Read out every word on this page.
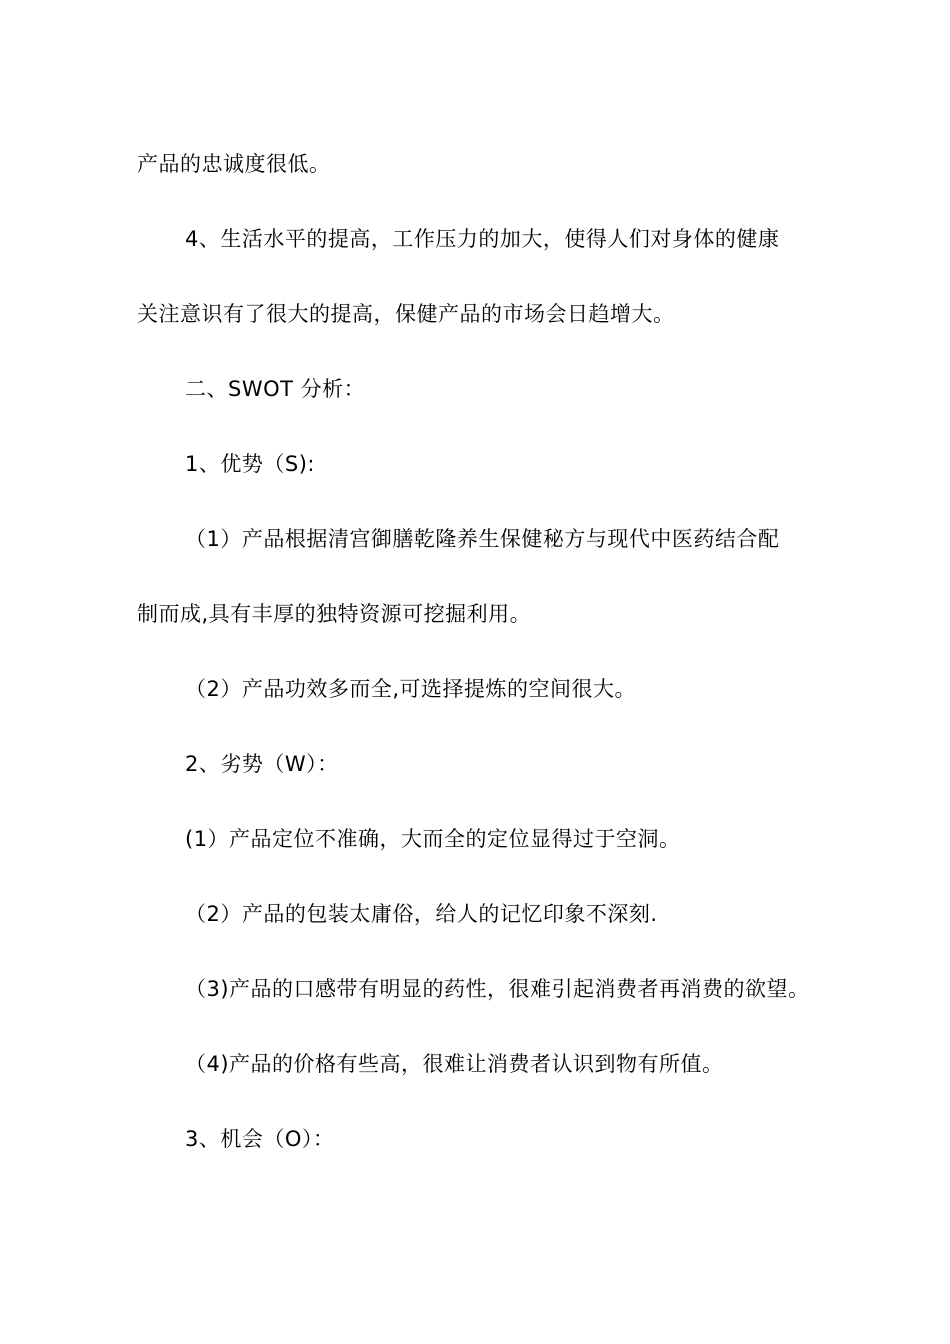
产品的忠诚度很低。
4、生活水平的提高，工作压力的加大，使得人们对身体的健康
关注意识有了很大的提高，保健产品的市场会日趋增大。
二、SWOT 分析：
1、优势（S):
（1）产品根据清宫御膳乾隆养生保健秘方与现代中医药结合配
制而成,具有丰厚的独特资源可挖掘利用。
（2）产品功效多而全,可选择提炼的空间很大。
2、劣势（W）：
(1）产品定位不准确，大而全的定位显得过于空洞。
（2）产品的包装太庸俗，给人的记忆印象不深刻.
（3)产品的口感带有明显的药性，很难引起消费者再消费的欲望。
（4)产品的价格有些高，很难让消费者认识到物有所值。
3、机会（O）：
